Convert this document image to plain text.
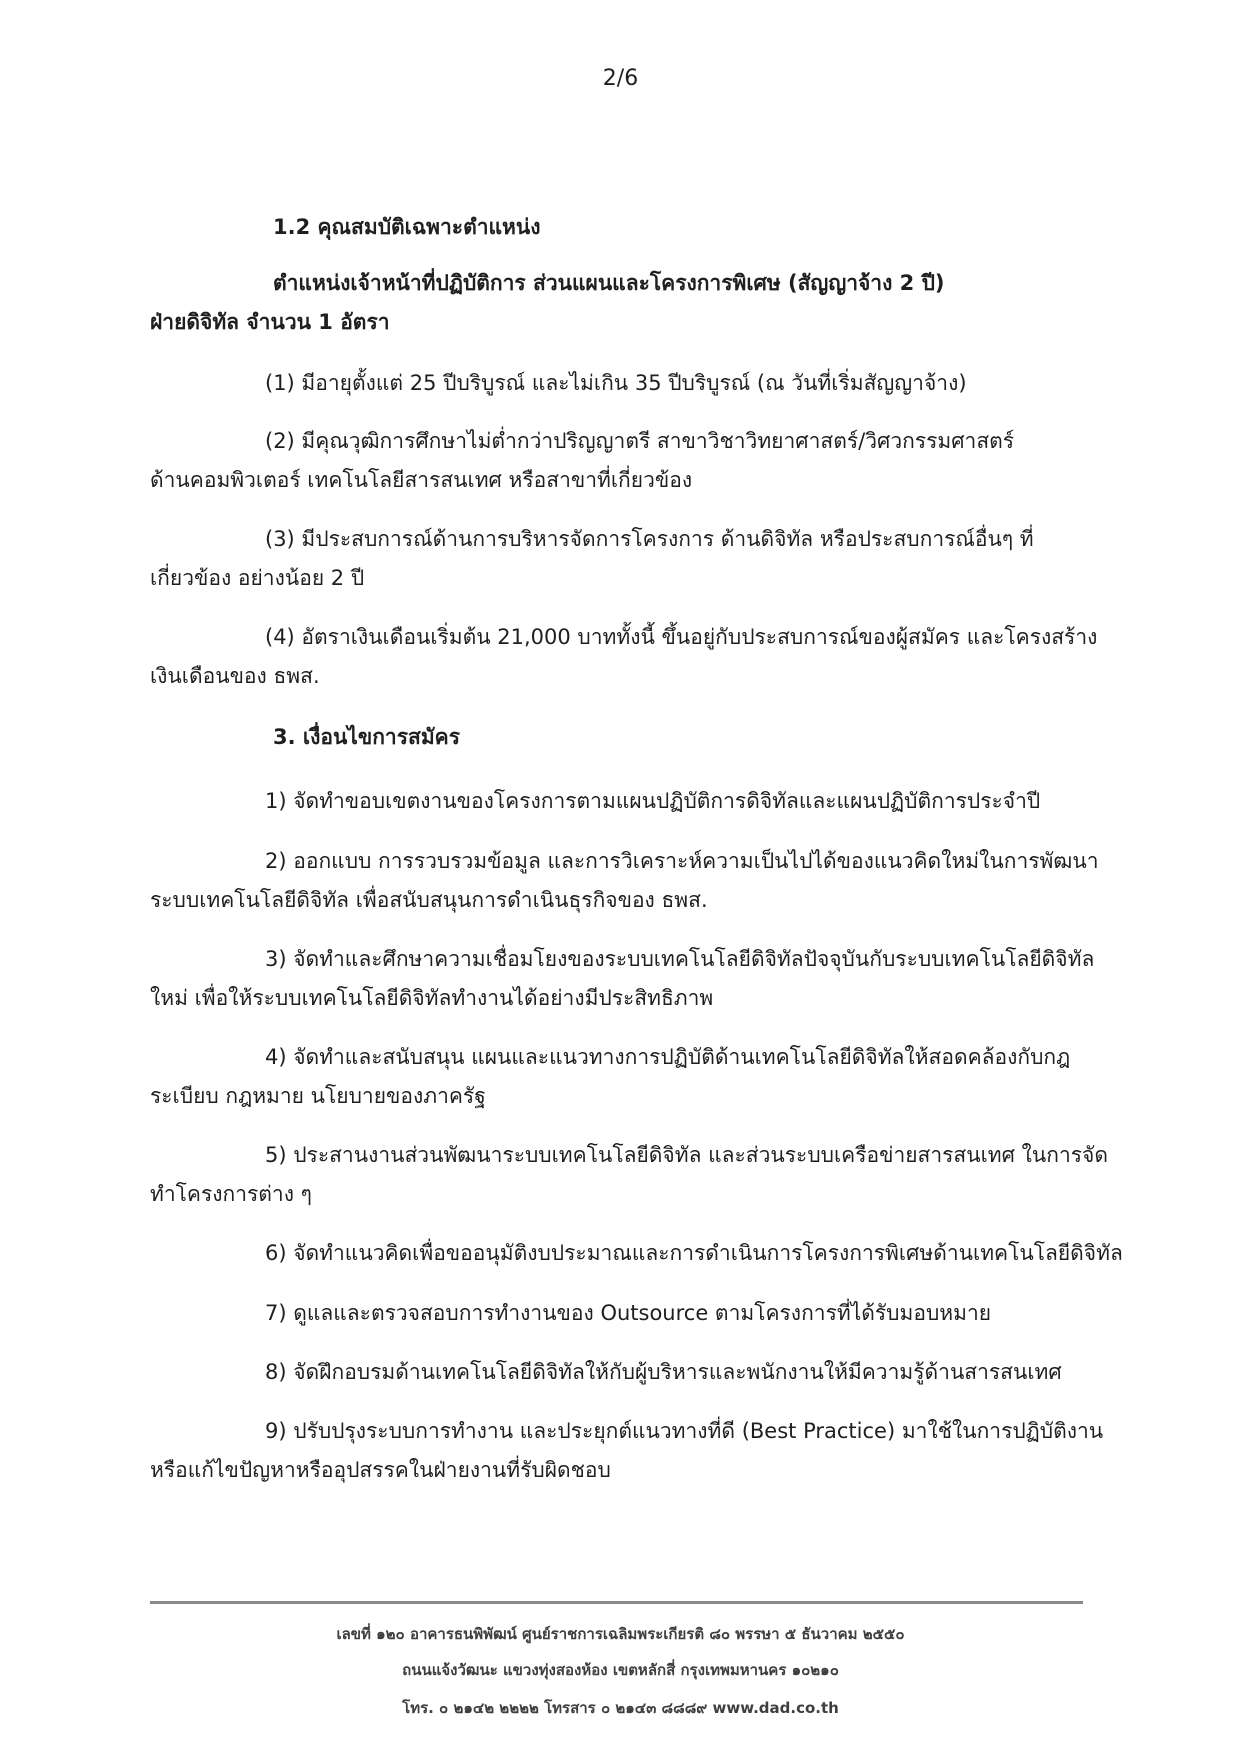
2/6

1.2 คุณสมบัติเฉพาะตำแหน่ง

ตำแหน่งเจ้าหน้าที่ปฏิบัติการ ส่วนแผนและโครงการพิเศษ (สัญญาจ้าง 2 ปี)
ฝ่ายดิจิทัล จำนวน 1 อัตรา

(1) มีอายุตั้งแต่ 25 ปีบริบูรณ์ และไม่เกิน 35 ปีบริบูรณ์ (ณ วันที่เริ่มสัญญาจ้าง)

(2) มีคุณวุฒิการศึกษาไม่ต่ำกว่าปริญญาตรี สาขาวิชาวิทยาศาสตร์/วิศวกรรมศาสตร์
ด้านคอมพิวเตอร์ เทคโนโลยีสารสนเทศ หรือสาขาที่เกี่ยวข้อง

(3) มีประสบการณ์ด้านการบริหารจัดการโครงการ ด้านดิจิทัล หรือประสบการณ์อื่นๆ ที่
เกี่ยวข้อง อย่างน้อย 2 ปี

(4) อัตราเงินเดือนเริ่มต้น 21,000 บาททั้งนี้ ขึ้นอยู่กับประสบการณ์ของผู้สมัคร และโครงสร้าง
เงินเดือนของ ธพส.

3. เงื่อนไขการสมัคร

1) จัดทำขอบเขตงานของโครงการตามแผนปฏิบัติการดิจิทัลและแผนปฏิบัติการประจำปี

2) ออกแบบ การรวบรวมข้อมูล และการวิเคราะห์ความเป็นไปได้ของแนวคิดใหม่ในการพัฒนา
ระบบเทคโนโลยีดิจิทัล เพื่อสนับสนุนการดำเนินธุรกิจของ ธพส.

3) จัดทำและศึกษาความเชื่อมโยงของระบบเทคโนโลยีดิจิทัลปัจจุบันกับระบบเทคโนโลยีดิจิทัล
ใหม่ เพื่อให้ระบบเทคโนโลยีดิจิทัลทำงานได้อย่างมีประสิทธิภาพ

4) จัดทำและสนับสนุน แผนและแนวทางการปฏิบัติด้านเทคโนโลยีดิจิทัลให้สอดคล้องกับกฎ
ระเบียบ กฎหมาย นโยบายของภาครัฐ

5) ประสานงานส่วนพัฒนาระบบเทคโนโลยีดิจิทัล และส่วนระบบเครือข่ายสารสนเทศ ในการจัด
ทำโครงการต่าง ๆ

6) จัดทำแนวคิดเพื่อขออนุมัติงบประมาณและการดำเนินการโครงการพิเศษด้านเทคโนโลยีดิจิทัล

7) ดูแลและตรวจสอบการทำงานของ Outsource ตามโครงการที่ได้รับมอบหมาย

8) จัดฝึกอบรมด้านเทคโนโลยีดิจิทัลให้กับผู้บริหารและพนักงานให้มีความรู้ด้านสารสนเทศ

9) ปรับปรุงระบบการทำงาน และประยุกต์แนวทางที่ดี (Best Practice) มาใช้ในการปฏิบัติงาน
หรือแก้ไขปัญหาหรืออุปสรรคในฝ่ายงานที่รับผิดชอบ

เลขที่ ๑๒๐ อาคารธนพิพัฒน์ ศูนย์ราชการเฉลิมพระเกียรติ ๘๐ พรรษา ๕ ธันวาคม ๒๕๕๐
ถนนแจ้งวัฒนะ แขวงทุ่งสองห้อง เขตหลักสี่ กรุงเทพมหานคร ๑๐๒๑๐
โทร. ๐ ๒๑๔๒ ๒๒๒๒ โทรสาร ๐ ๒๑๔๓ ๘๘๘๙ www.dad.co.th
